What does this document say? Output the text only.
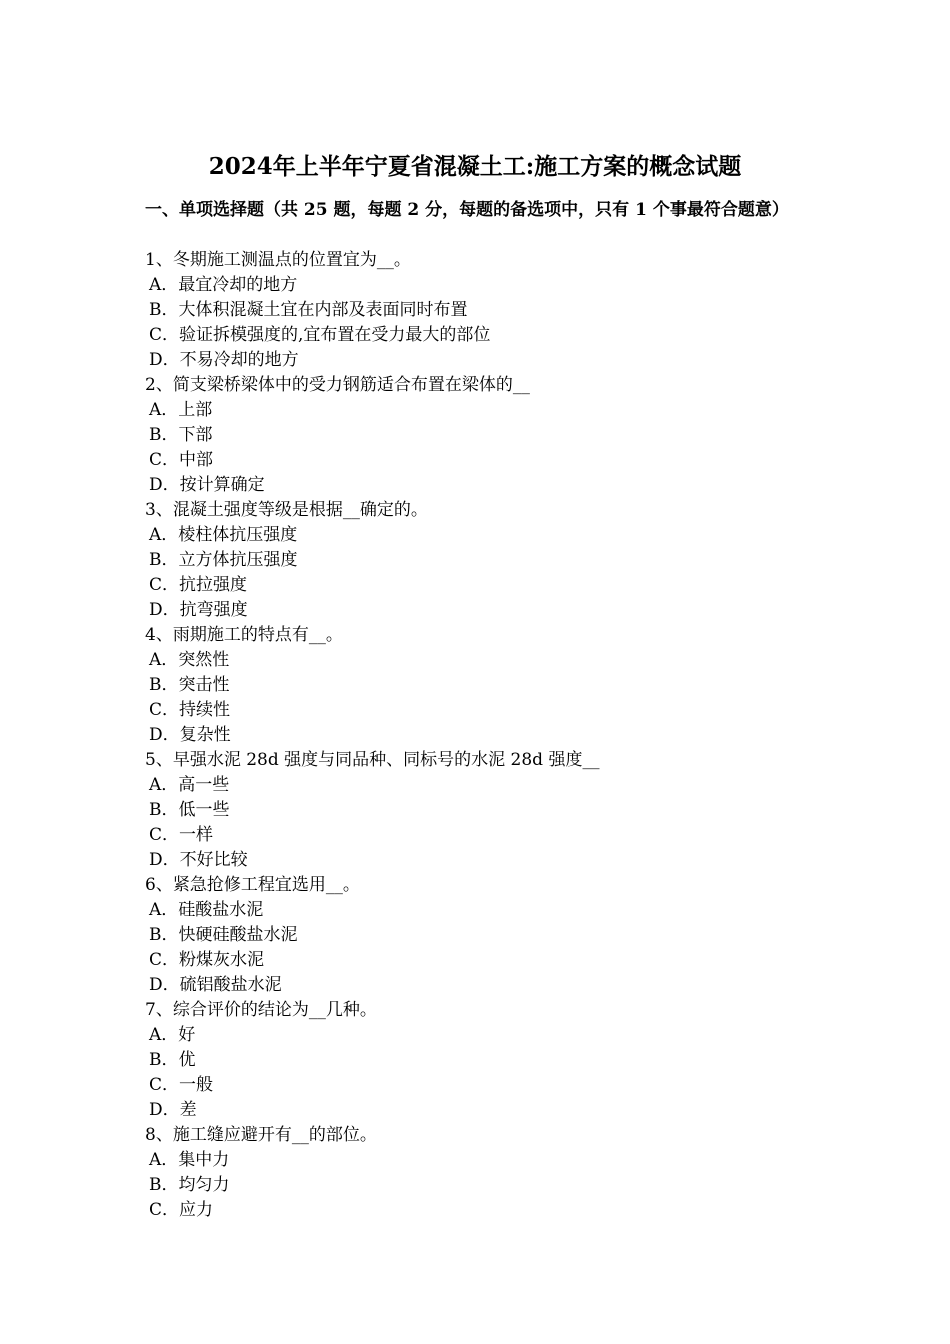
2024年上半年宁夏省混凝土工:施工方案的概念试题
一、单项选择题（共 25 题，每题 2 分，每题的备选项中，只有 1 个事最符合题意）
1、冬期施工测温点的位置宜为__。
A．最宜冷却的地方
B．大体积混凝土宜在内部及表面同时布置
C．验证拆模强度的,宜布置在受力最大的部位
D．不易冷却的地方
2、简支梁桥梁体中的受力钢筋适合布置在梁体的__
A．上部
B．下部
C．中部
D．按计算确定
3、混凝土强度等级是根据__确定的。
A．棱柱体抗压强度
B．立方体抗压强度
C．抗拉强度
D．抗弯强度
4、雨期施工的特点有__。
A．突然性
B．突击性
C．持续性
D．复杂性
5、早强水泥 28d 强度与同品种、同标号的水泥 28d 强度__
A．高一些
B．低一些
C．一样
D．不好比较
6、紧急抢修工程宜选用__。
A．硅酸盐水泥
B．快硬硅酸盐水泥
C．粉煤灰水泥
D．硫铝酸盐水泥
7、综合评价的结论为__几种。
A．好
B．优
C．一般
D．差
8、施工缝应避开有__的部位。
A．集中力
B．均匀力
C．应力
